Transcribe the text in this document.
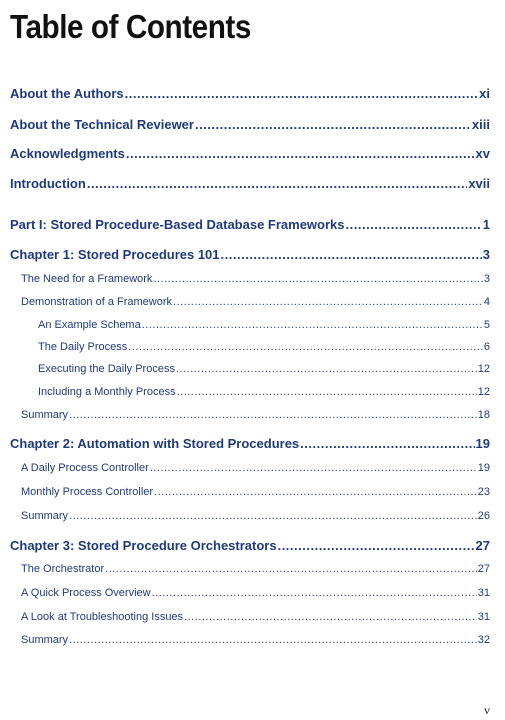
Table of Contents
About the Authors .....	xi
About the Technical Reviewer .....	xiii
Acknowledgments .....	xv
Introduction .....	xvii
Part I: Stored Procedure-Based Database Frameworks .....	1
Chapter 1: Stored Procedures 101 .....	3
The Need for a Framework .....	3
Demonstration of a Framework .....	4
An Example Schema .....	5
The Daily Process .....	6
Executing the Daily Process .....	12
Including a Monthly Process .....	12
Summary .....	18
Chapter 2: Automation with Stored Procedures .....	19
A Daily Process Controller .....	19
Monthly Process Controller .....	23
Summary .....	26
Chapter 3: Stored Procedure Orchestrators .....	27
The Orchestrator .....	27
A Quick Process Overview .....	31
A Look at Troubleshooting Issues .....	31
Summary .....	32
v
